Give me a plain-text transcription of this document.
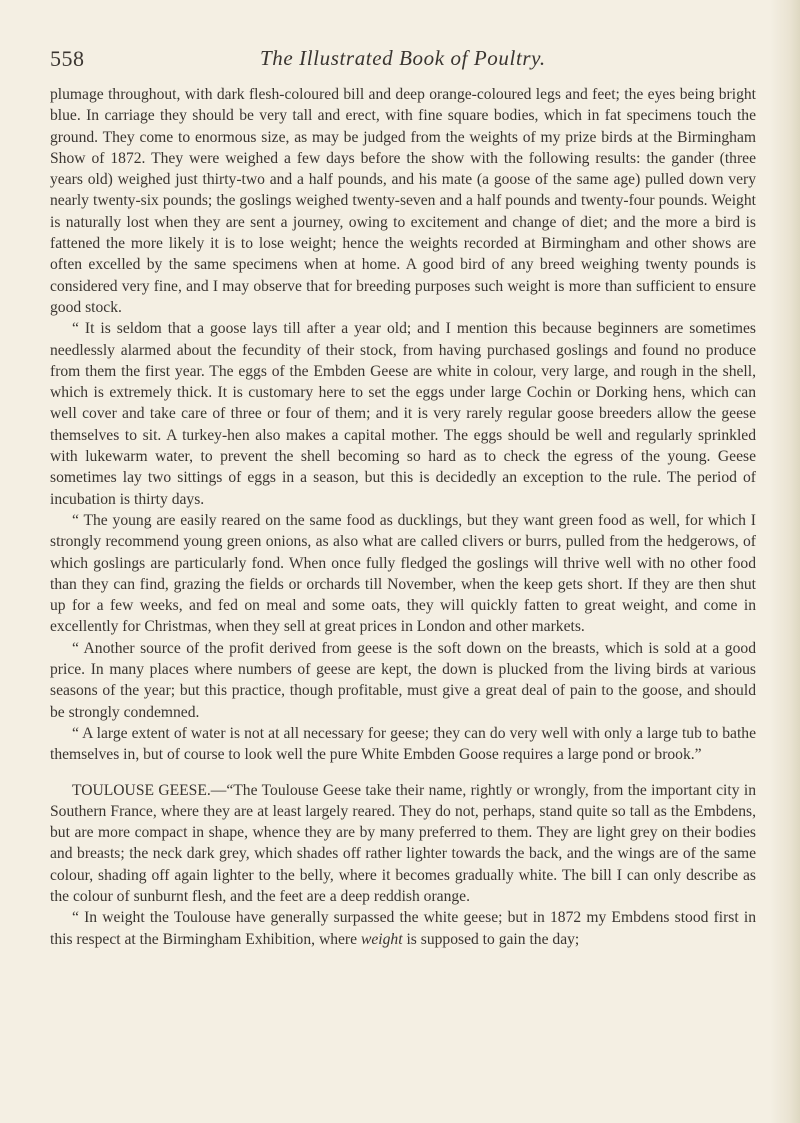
558	The Illustrated Book of Poultry.

plumage throughout, with dark flesh-coloured bill and deep orange-coloured legs and feet; the eyes being bright blue. In carriage they should be very tall and erect, with fine square bodies, which in fat specimens touch the ground. They come to enormous size, as may be judged from the weights of my prize birds at the Birmingham Show of 1872. They were weighed a few days before the show with the following results: the gander (three years old) weighed just thirty-two and a half pounds, and his mate (a goose of the same age) pulled down very nearly twenty-six pounds; the goslings weighed twenty-seven and a half pounds and twenty-four pounds. Weight is naturally lost when they are sent a journey, owing to excitement and change of diet; and the more a bird is fattened the more likely it is to lose weight; hence the weights recorded at Birmingham and other shows are often excelled by the same specimens when at home. A good bird of any breed weighing twenty pounds is considered very fine, and I may observe that for breeding purposes such weight is more than sufficient to ensure good stock.

“ It is seldom that a goose lays till after a year old; and I mention this because beginners are sometimes needlessly alarmed about the fecundity of their stock, from having purchased goslings and found no produce from them the first year. The eggs of the Embden Geese are white in colour, very large, and rough in the shell, which is extremely thick. It is customary here to set the eggs under large Cochin or Dorking hens, which can well cover and take care of three or four of them; and it is very rarely regular goose breeders allow the geese themselves to sit. A turkey-hen also makes a capital mother. The eggs should be well and regularly sprinkled with lukewarm water, to prevent the shell becoming so hard as to check the egress of the young. Geese sometimes lay two sittings of eggs in a season, but this is decidedly an exception to the rule. The period of incubation is thirty days.

“ The young are easily reared on the same food as ducklings, but they want green food as well, for which I strongly recommend young green onions, as also what are called clivers or burrs, pulled from the hedgerows, of which goslings are particularly fond. When once fully fledged the goslings will thrive well with no other food than they can find, grazing the fields or orchards till November, when the keep gets short. If they are then shut up for a few weeks, and fed on meal and some oats, they will quickly fatten to great weight, and come in excellently for Christmas, when they sell at great prices in London and other markets.

“ Another source of the profit derived from geese is the soft down on the breasts, which is sold at a good price. In many places where numbers of geese are kept, the down is plucked from the living birds at various seasons of the year; but this practice, though profitable, must give a great deal of pain to the goose, and should be strongly condemned.

“ A large extent of water is not at all necessary for geese; they can do very well with only a large tub to bathe themselves in, but of course to look well the pure White Embden Goose requires a large pond or brook.”

TOULOUSE GEESE.—“The Toulouse Geese take their name, rightly or wrongly, from the important city in Southern France, where they are at least largely reared. They do not, perhaps, stand quite so tall as the Embdens, but are more compact in shape, whence they are by many preferred to them. They are light grey on their bodies and breasts; the neck dark grey, which shades off rather lighter towards the back, and the wings are of the same colour, shading off again lighter to the belly, where it becomes gradually white. The bill I can only describe as the colour of sunburnt flesh, and the feet are a deep reddish orange.

“ In weight the Toulouse have generally surpassed the white geese; but in 1872 my Embdens stood first in this respect at the Birmingham Exhibition, where weight is supposed to gain the day;
